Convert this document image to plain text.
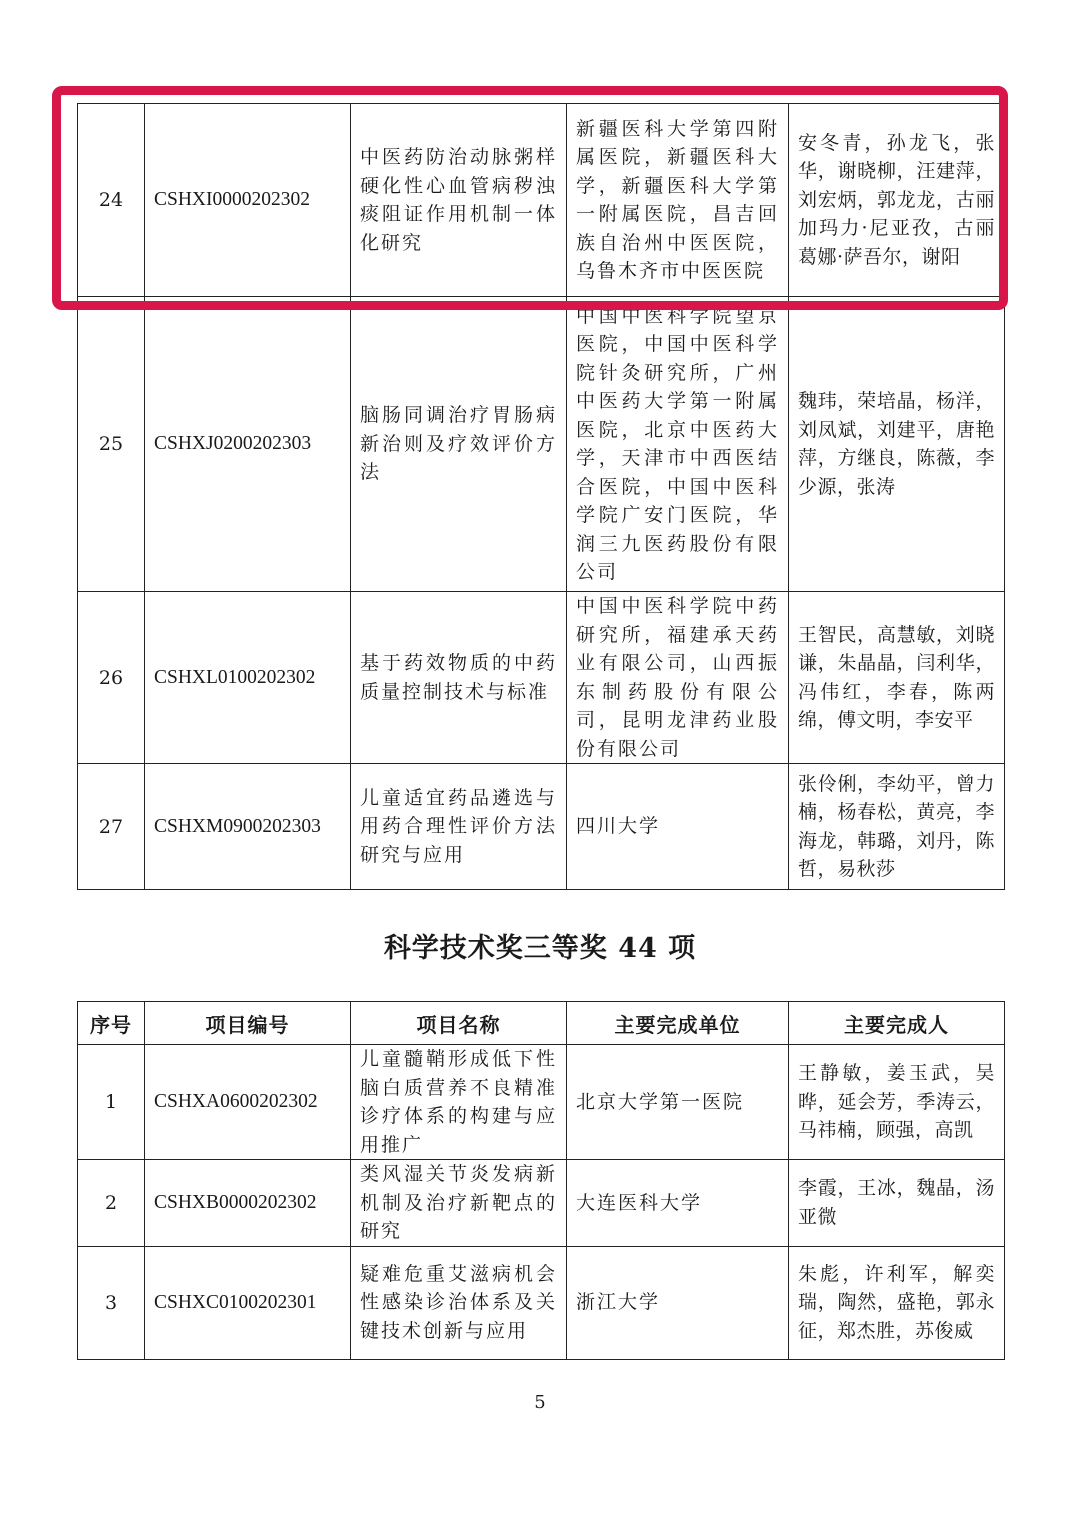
24	CSHXI0000202302	中医药防治动脉粥样硬化性心血管病秽浊痰阻证作用机制一体化研究	新疆医科大学第四附属医院，新疆医科大学，新疆医科大学第一附属医院，昌吉回族自治州中医医院，乌鲁木齐市中医医院	安冬青，孙龙飞，张华，谢晓柳，汪建萍，刘宏炳，郭龙龙，古丽加玛力·尼亚孜，古丽葛娜·萨吾尔，谢阳
25	CSHXJ0200202303	脑肠同调治疗胃肠病新治则及疗效评价方法	中国中医科学院望京医院，中国中医科学院针灸研究所，广州中医药大学第一附属医院，北京中医药大学，天津市中西医结合医院，中国中医科学院广安门医院，华润三九医药股份有限公司	魏玮，荣培晶，杨洋，刘凤斌，刘建平，唐艳萍，方继良，陈薇，李少源，张涛
26	CSHXL0100202302	基于药效物质的中药质量控制技术与标准	中国中医科学院中药研究所，福建承天药业有限公司，山西振东制药股份有限公司，昆明龙津药业股份有限公司	王智民，高慧敏，刘晓谦，朱晶晶，闫利华，冯伟红，李春，陈两绵，傅文明，李安平
27	CSHXM0900202303	儿童适宜药品遴选与用药合理性评价方法研究与应用	四川大学	张伶俐，李幼平，曾力楠，杨春松，黄亮，李海龙，韩璐，刘丹，陈哲，易秋莎
科学技术奖三等奖 44 项
序号	项目编号	项目名称	主要完成单位	主要完成人
1	CSHXA0600202302	儿童髓鞘形成低下性脑白质营养不良精准诊疗体系的构建与应用推广	北京大学第一医院	王静敏，姜玉武，吴晔，延会芳，季涛云，马祎楠，顾强，高凯
2	CSHXB0000202302	类风湿关节炎发病新机制及治疗新靶点的研究	大连医科大学	李霞，王冰，魏晶，汤亚微
3	CSHXC0100202301	疑难危重艾滋病机会性感染诊治体系及关键技术创新与应用	浙江大学	朱彪，许利军，解奕瑞，陶然，盛艳，郭永征，郑杰胜，苏俊威
5
